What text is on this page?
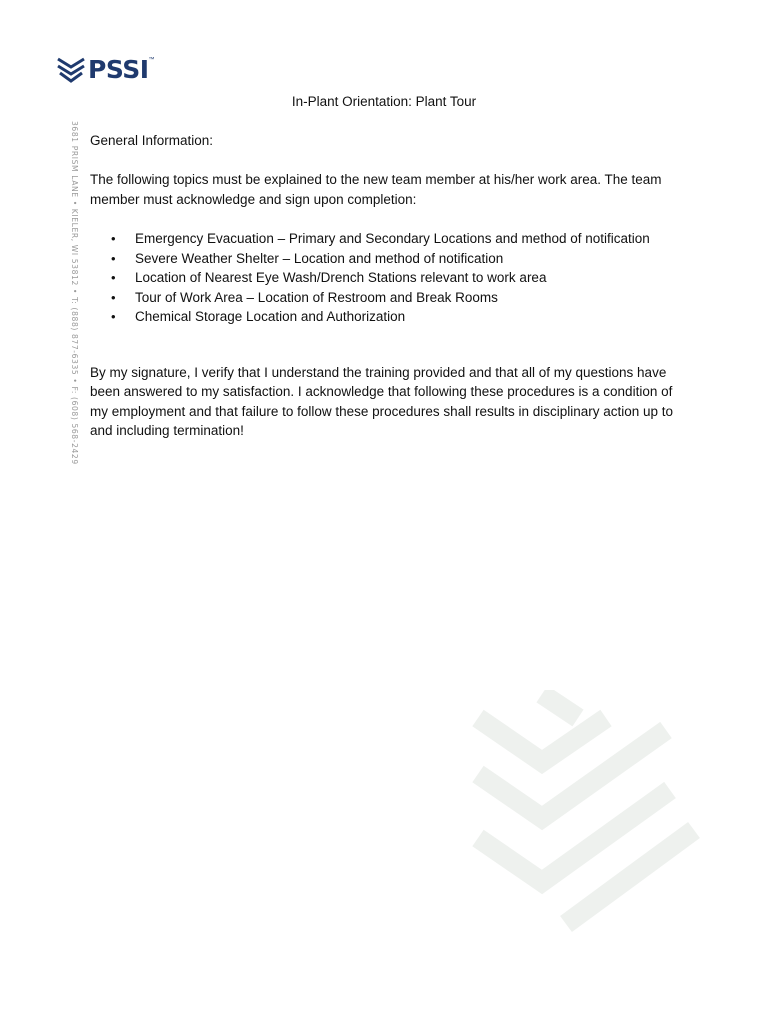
PSSI ™
3681 PRISM LANE • KIELER, WI 53812 • T: (888) 877-6335 • F: (608) 568-2429
In-Plant Orientation: Plant Tour

General Information:

The following topics must be explained to the new team member at his/her work area. The team member must acknowledge and sign upon completion:

• Emergency Evacuation – Primary and Secondary Locations and method of notification
• Severe Weather Shelter – Location and method of notification
• Location of Nearest Eye Wash/Drench Stations relevant to work area
• Tour of Work Area – Location of Restroom and Break Rooms
• Chemical Storage Location and Authorization

By my signature, I verify that I understand the training provided and that all of my questions have been answered to my satisfaction. I acknowledge that following these procedures is a condition of my employment and that failure to follow these procedures shall results in disciplinary action up to and including termination!
